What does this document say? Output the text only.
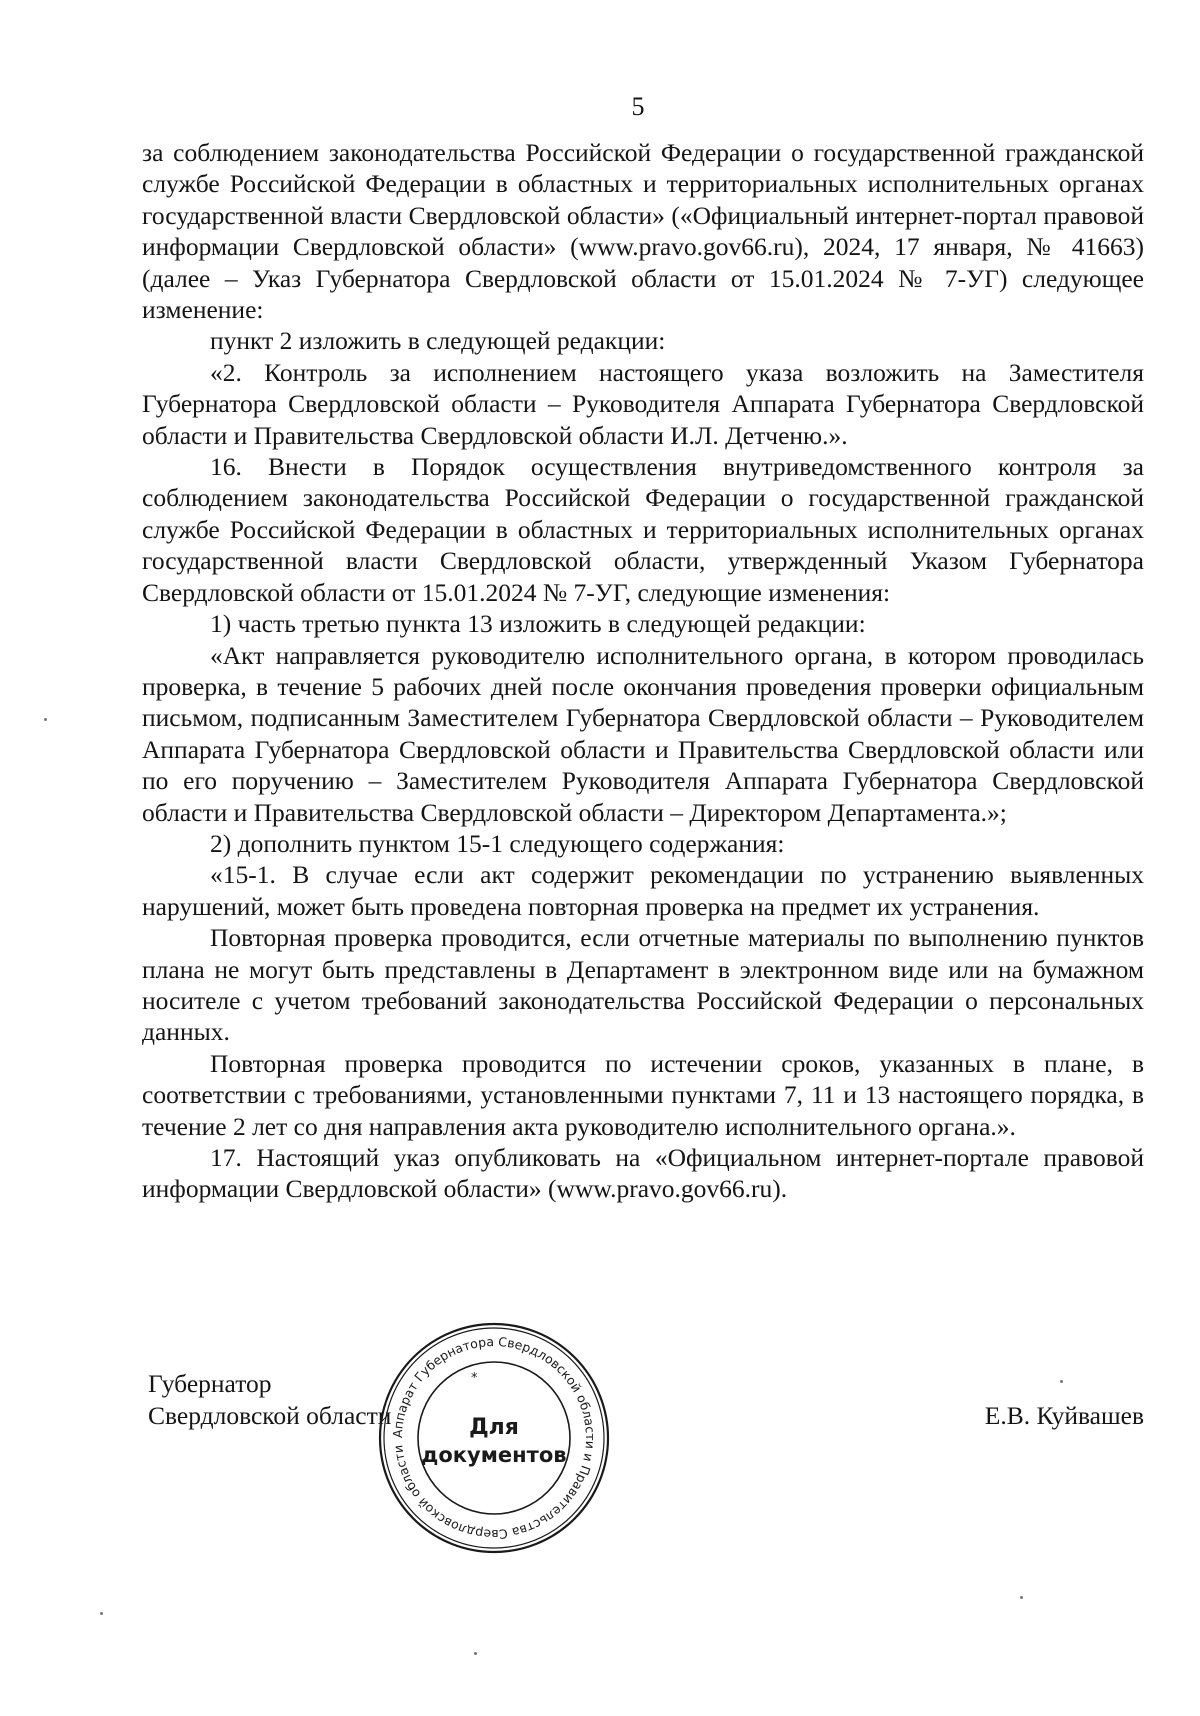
5

за соблюдением законодательства Российской Федерации о государственной гражданской службе Российской Федерации в областных и территориальных исполнительных органах государственной власти Свердловской области» («Официальный интернет-портал правовой информации Свердловской области» (www.pravo.gov66.ru), 2024, 17 января, № 41663) (далее – Указ Губернатора Свердловской области от 15.01.2024 № 7-УГ) следующее изменение:

пункт 2 изложить в следующей редакции:

«2. Контроль за исполнением настоящего указа возложить на Заместителя Губернатора Свердловской области – Руководителя Аппарата Губернатора Свердловской области и Правительства Свердловской области И.Л. Детченю.».

16. Внести в Порядок осуществления внутриведомственного контроля за соблюдением законодательства Российской Федерации о государственной гражданской службе Российской Федерации в областных и территориальных исполнительных органах государственной власти Свердловской области, утвержденный Указом Губернатора Свердловской области от 15.01.2024 № 7-УГ, следующие изменения:

1) часть третью пункта 13 изложить в следующей редакции:

«Акт направляется руководителю исполнительного органа, в котором проводилась проверка, в течение 5 рабочих дней после окончания проведения проверки официальным письмом, подписанным Заместителем Губернатора Свердловской области – Руководителем Аппарата Губернатора Свердловской области и Правительства Свердловской области или по его поручению – Заместителем Руководителя Аппарата Губернатора Свердловской области и Правительства Свердловской области – Директором Департамента.»;

2) дополнить пунктом 15-1 следующего содержания:

«15-1. В случае если акт содержит рекомендации по устранению выявленных нарушений, может быть проведена повторная проверка на предмет их устранения.

Повторная проверка проводится, если отчетные материалы по выполнению пунктов плана не могут быть представлены в Департамент в электронном виде или на бумажном носителе с учетом требований законодательства Российской Федерации о персональных данных.

Повторная проверка проводится по истечении сроков, указанных в плане, в соответствии с требованиями, установленными пунктами 7, 11 и 13 настоящего порядка, в течение 2 лет со дня направления акта руководителю исполнительного органа.».

17. Настоящий указ опубликовать на «Официальном интернет-портале правовой информации Свердловской области» (www.pravo.gov66.ru).

Губернатор
Свердловской области	Е.В. Куйвашев
Аппарат Губернатора Свердловской области и Правительства Свердловской области
*
Для
документов
